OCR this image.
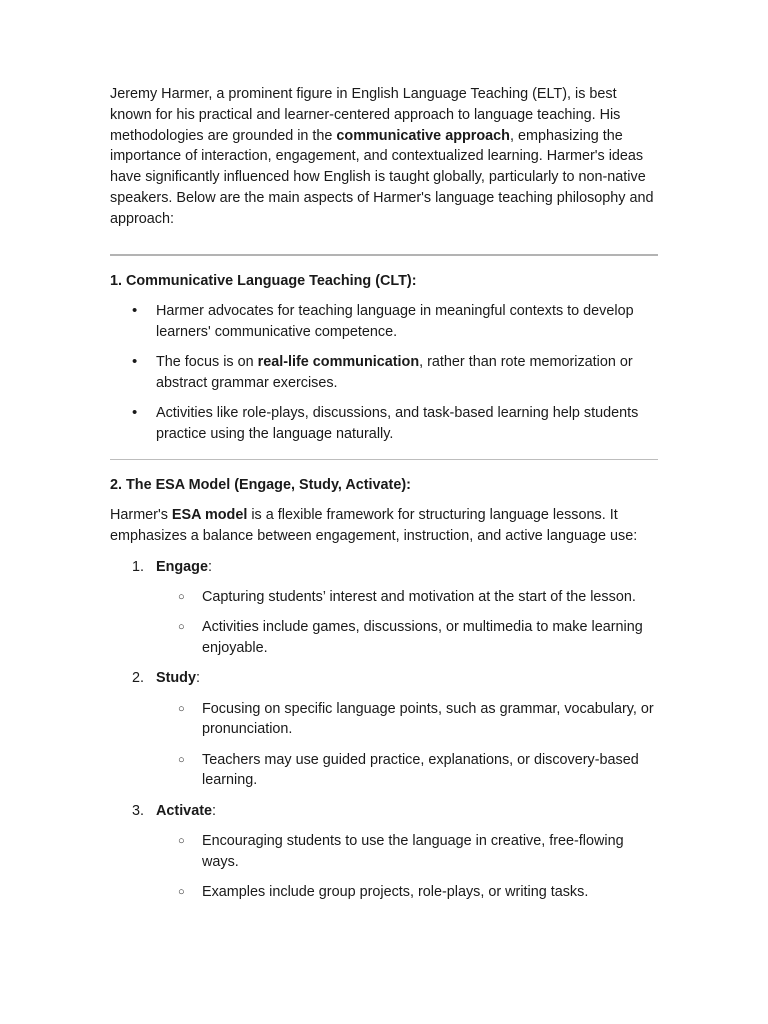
Jeremy Harmer, a prominent figure in English Language Teaching (ELT), is best known for his practical and learner-centered approach to language teaching. His methodologies are grounded in the communicative approach, emphasizing the importance of interaction, engagement, and contextualized learning. Harmer's ideas have significantly influenced how English is taught globally, particularly to non-native speakers. Below are the main aspects of Harmer's language teaching philosophy and approach:

1. Communicative Language Teaching (CLT):

• Harmer advocates for teaching language in meaningful contexts to develop learners' communicative competence.
• The focus is on real-life communication, rather than rote memorization or abstract grammar exercises.
• Activities like role-plays, discussions, and task-based learning help students practice using the language naturally.

2. The ESA Model (Engage, Study, Activate):

Harmer's ESA model is a flexible framework for structuring language lessons. It emphasizes a balance between engagement, instruction, and active language use:

1. Engage:

○ Capturing students’ interest and motivation at the start of the lesson.
○ Activities include games, discussions, or multimedia to make learning enjoyable.
2. Study:

○ Focusing on specific language points, such as grammar, vocabulary, or pronunciation.
○ Teachers may use guided practice, explanations, or discovery-based learning.
3. Activate:

○ Encouraging students to use the language in creative, free-flowing ways.
○ Examples include group projects, role-plays, or writing tasks.
